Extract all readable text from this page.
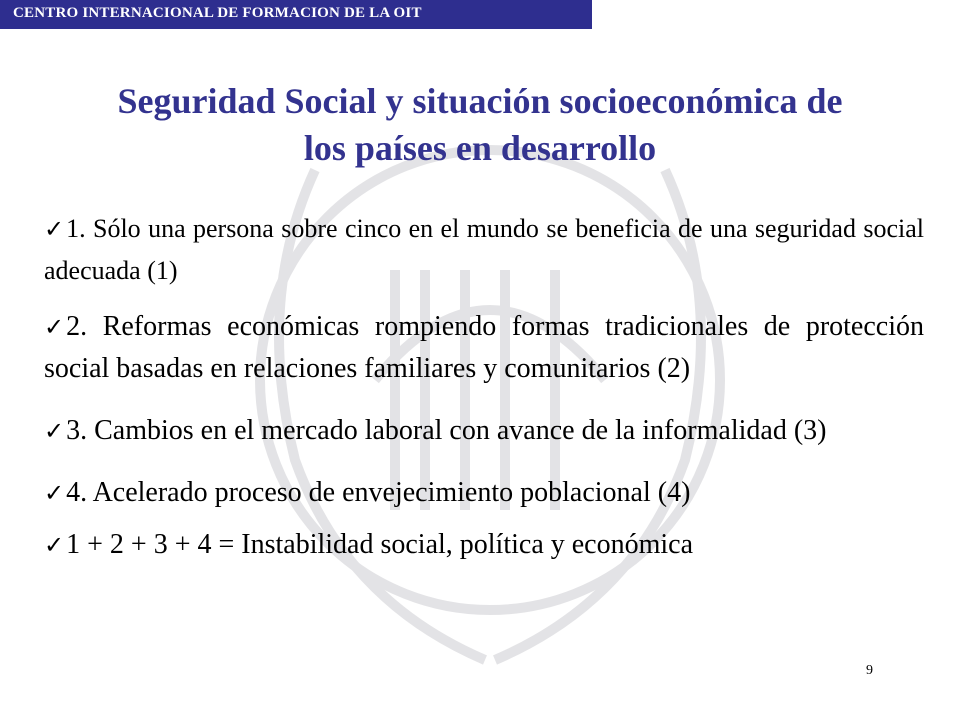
CENTRO INTERNACIONAL DE FORMACION DE LA OIT
Seguridad Social y situación socioeconómica de
los países en desarrollo

✓1. Sólo una persona sobre cinco en el mundo se beneficia de una seguridad social adecuada (1)

✓2. Reformas económicas rompiendo formas tradicionales de protección social basadas en relaciones familiares y comunitarios (2)

✓3. Cambios en el mercado laboral con avance de la informalidad (3)

✓4. Acelerado proceso de envejecimiento poblacional (4)

✓1 + 2 + 3 + 4 = Instabilidad social, política y económica

9
